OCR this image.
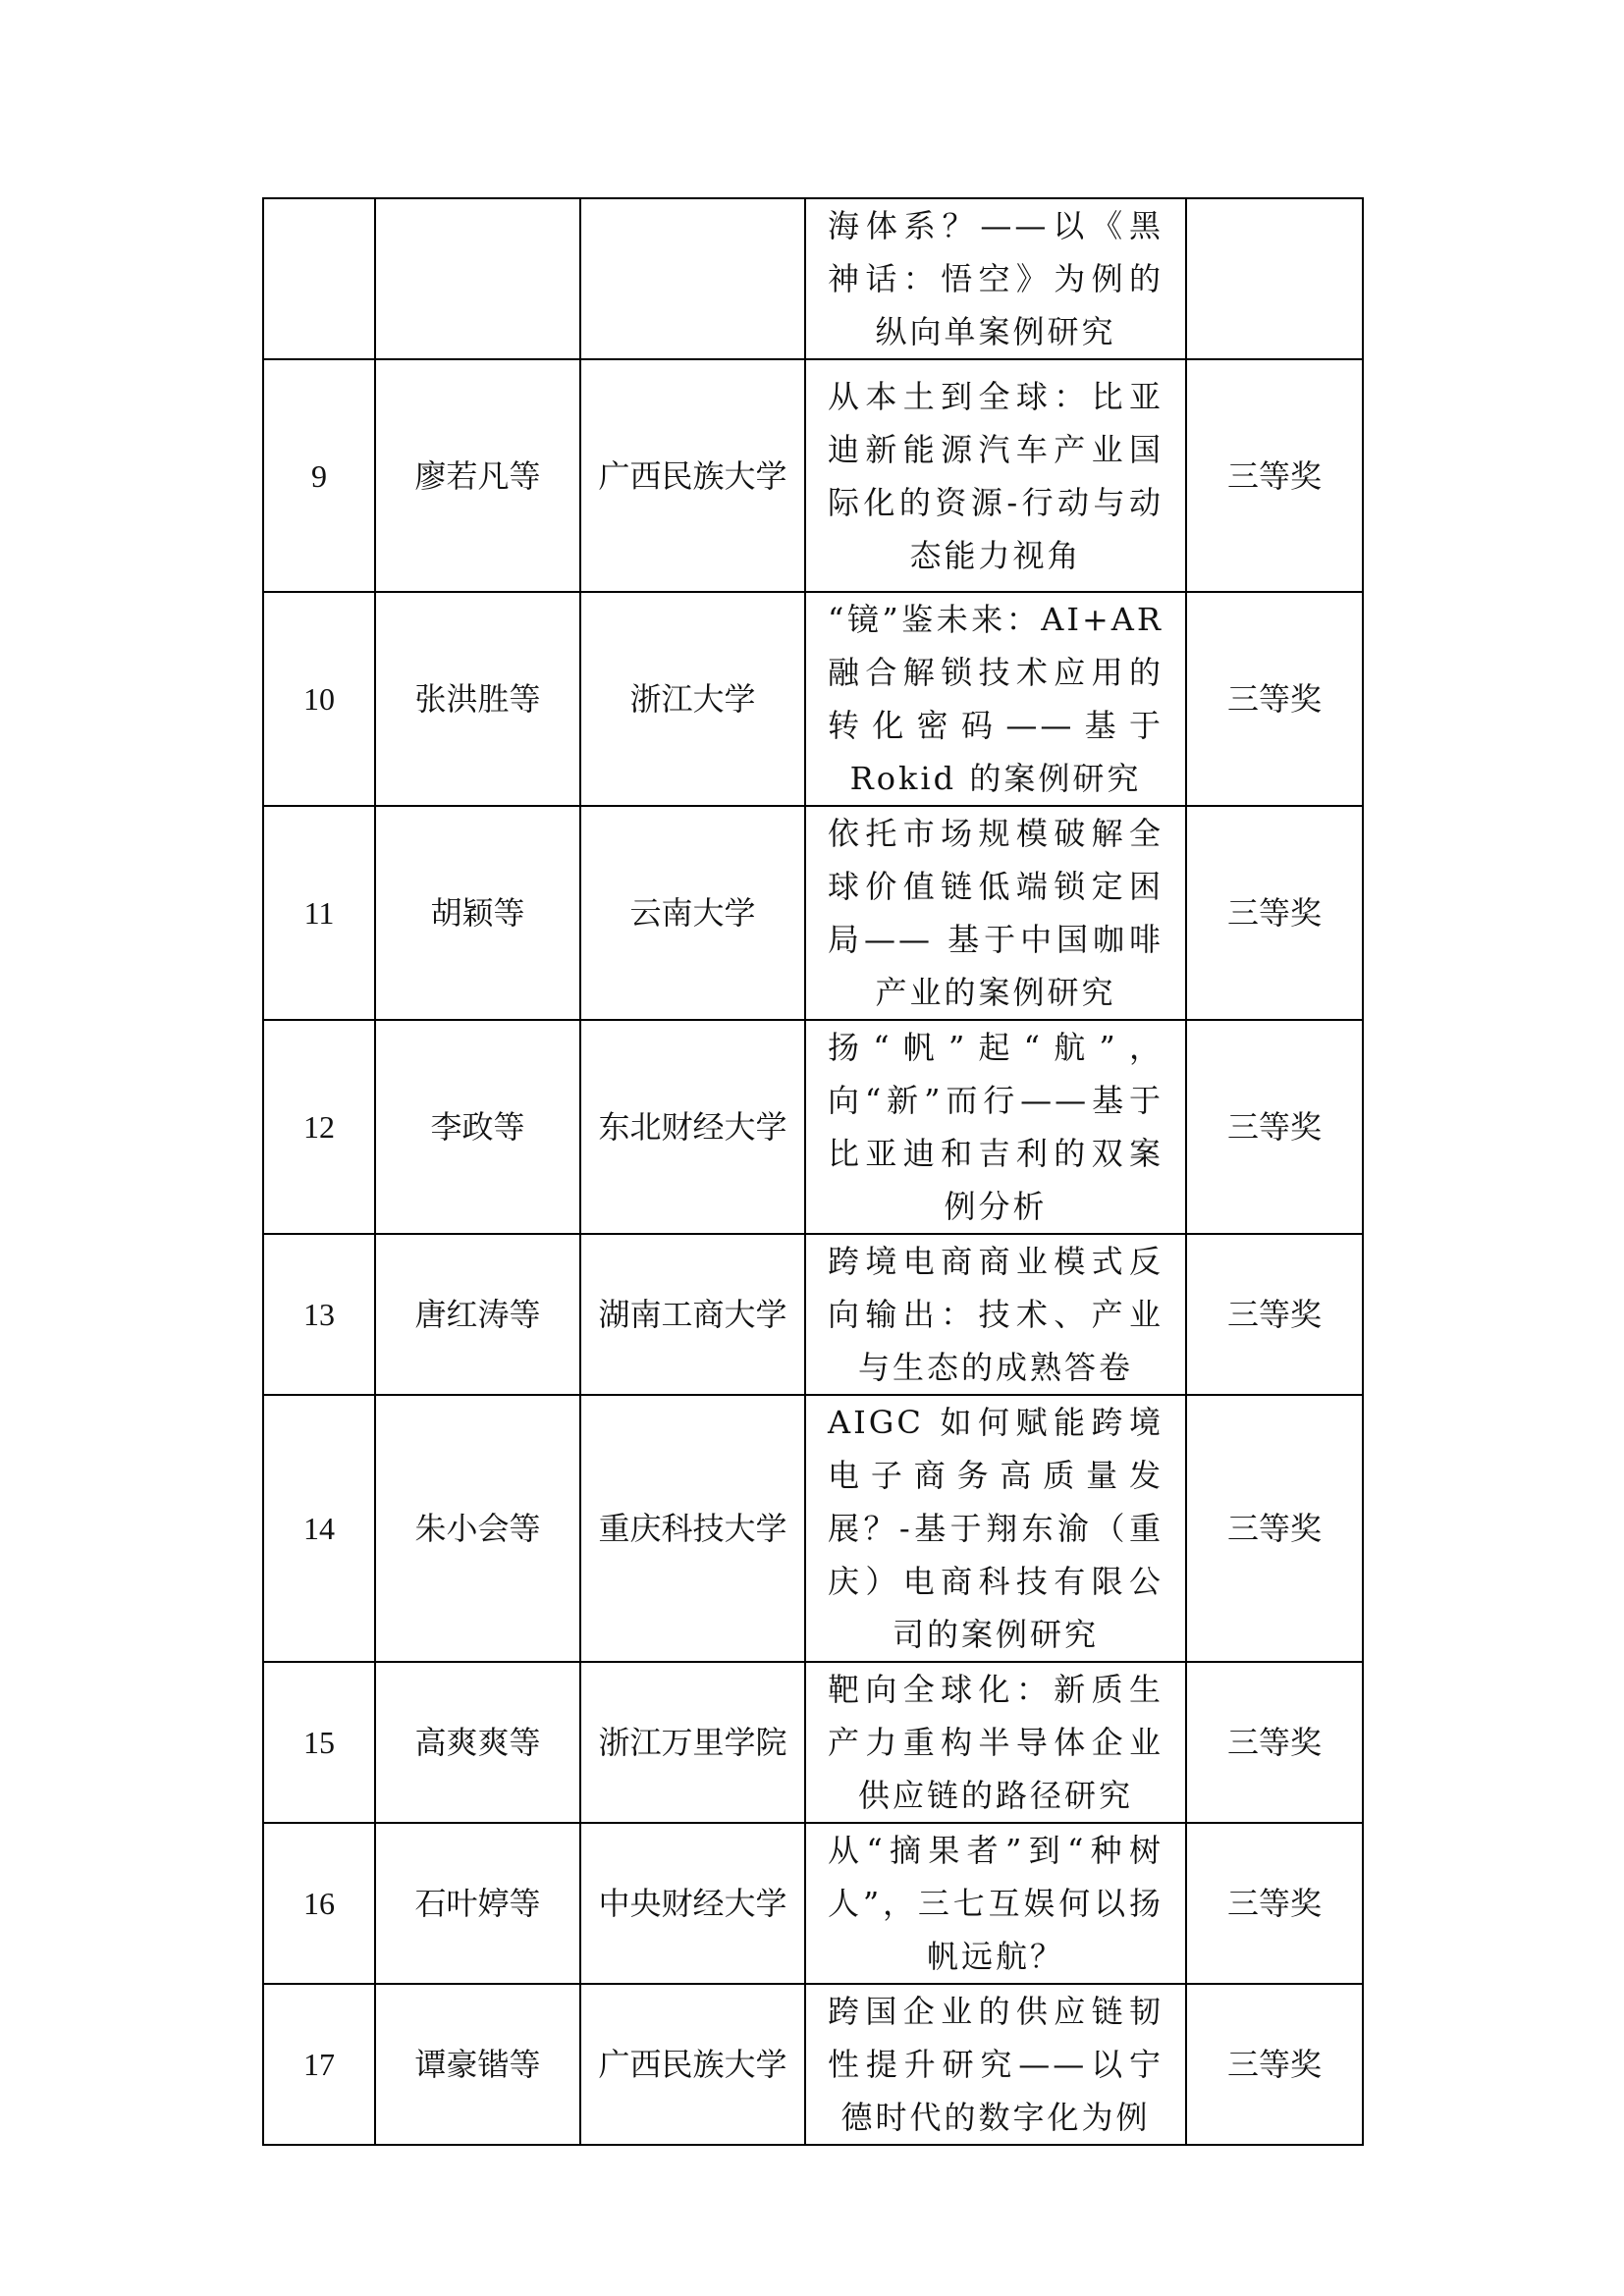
			海体系？——以《黑神话：悟空》为例的纵向单案例研究	
9	廖若凡等	广西民族大学	从本土到全球：比亚迪新能源汽车产业国际化的资源-行动与动态能力视角	三等奖
10	张洪胜等	浙江大学	“镜”鉴未来：AI+AR融合解锁技术应用的转化密码——基于 Rokid 的案例研究	三等奖
11	胡颖等	云南大学	依托市场规模破解全球价值链低端锁定困局—— 基于中国咖啡产业的案例研究	三等奖
12	李政等	东北财经大学	扬“帆”起“航”，向“新”而行——基于比亚迪和吉利的双案例分析	三等奖
13	唐红涛等	湖南工商大学	跨境电商商业模式反向输出：技术、产业与生态的成熟答卷	三等奖
14	朱小会等	重庆科技大学	AIGC 如何赋能跨境电子商务高质量发展？-基于翔东渝（重庆）电商科技有限公司的案例研究	三等奖
15	高爽爽等	浙江万里学院	靶向全球化：新质生产力重构半导体企业供应链的路径研究	三等奖
16	石叶婷等	中央财经大学	从“摘果者”到“种树人”，三七互娱何以扬帆远航？	三等奖
17	谭豪锴等	广西民族大学	跨国企业的供应链韧性提升研究——以宁德时代的数字化为例	三等奖
